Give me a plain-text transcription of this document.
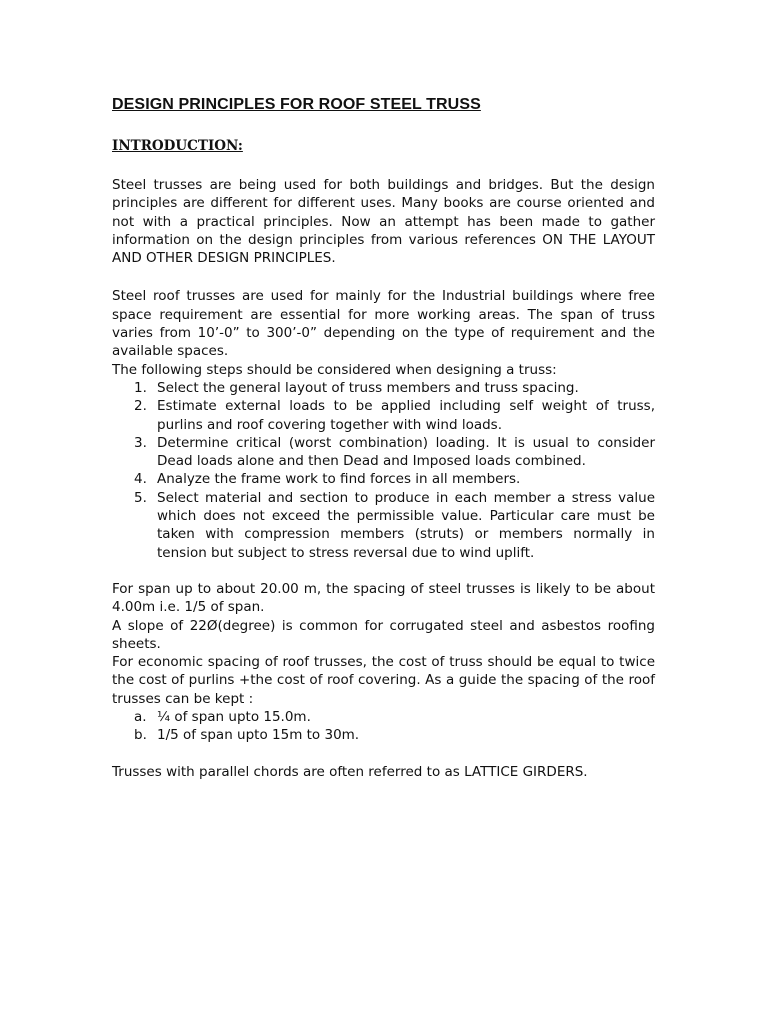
DESIGN PRINCIPLES FOR ROOF STEEL TRUSS
INTRODUCTION:

Steel trusses are being used for both buildings and bridges. But the design principles are different for different uses. Many books are course oriented and not with a practical principles. Now an attempt has been made to gather information on the design principles from various references ON THE LAYOUT AND OTHER DESIGN PRINCIPLES.

Steel roof trusses are used for mainly for the Industrial buildings where free space requirement are essential for more working areas. The span of truss varies from 10’-0” to 300’-0” depending on the type of requirement and the available spaces.

The following steps should be considered when designing a truss:

1. Select the general layout of truss members and truss spacing.
2. Estimate external loads to be applied including self weight of truss, purlins and roof covering together with wind loads.
3. Determine critical (worst combination) loading. It is usual to consider Dead loads alone and then Dead and Imposed loads combined.
4. Analyze the frame work to find forces in all members.
5. Select material and section to produce in each member a stress value which does not exceed the permissible value. Particular care must be taken with compression members (struts) or members normally in tension but subject to stress reversal due to wind uplift.

For span up to about 20.00 m, the spacing of steel trusses is likely to be about 4.00m i.e. 1/5 of span.

A slope of 22Ø(degree) is common for corrugated steel and asbestos roofing sheets.

For economic spacing of roof trusses, the cost of truss should be equal to twice the cost of purlins +the cost of roof covering. As a guide the spacing of the roof trusses can be kept :

a. ¼ of span upto 15.0m.
b. 1/5 of span upto 15m to 30m.

Trusses with parallel chords are often referred to as LATTICE GIRDERS.
